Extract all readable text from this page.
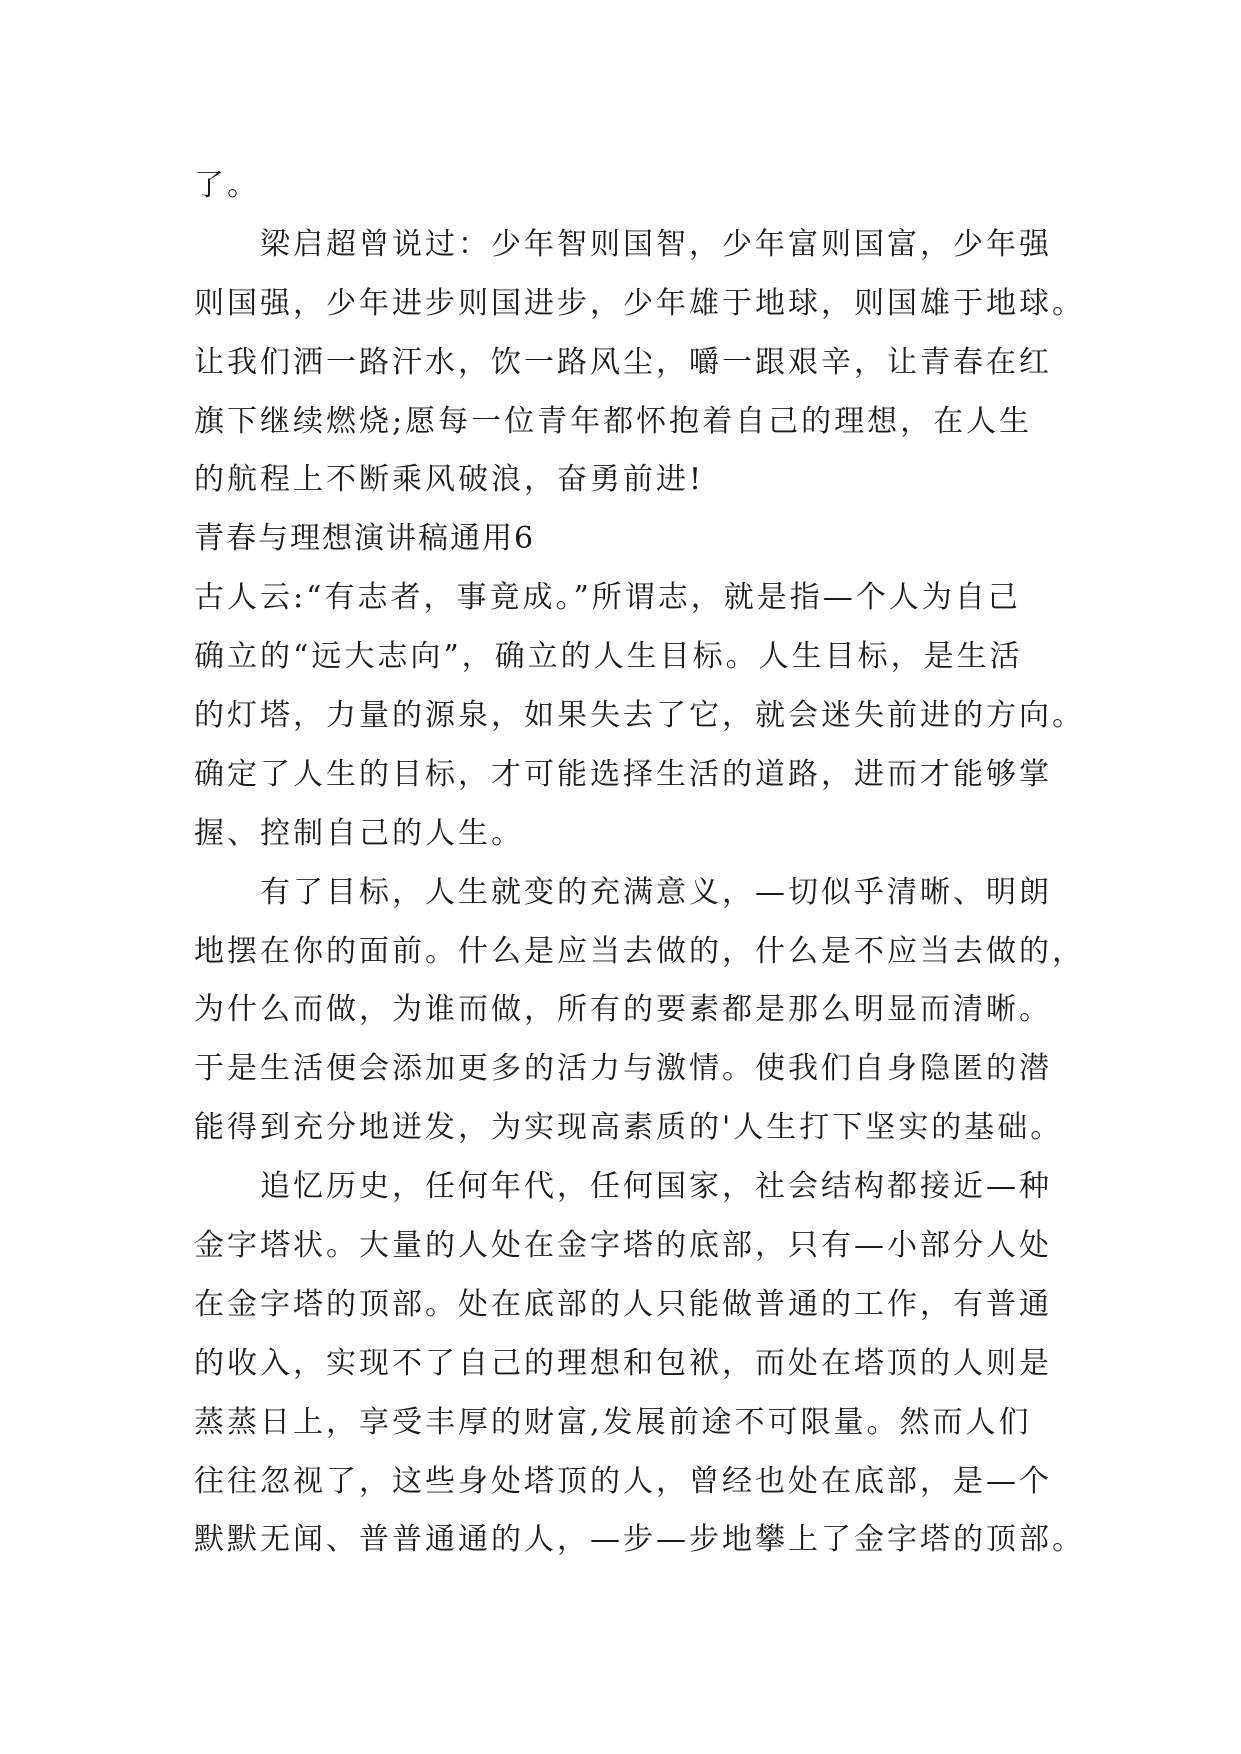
了。
梁启超曾说过：少年智则国智，少年富则国富，少年强
则国强，少年进步则国进步，少年雄于地球，则国雄于地球。
让我们洒一路汗水，饮一路风尘，嚼一跟艰辛，让青春在红
旗下继续燃烧;愿每一位青年都怀抱着自己的理想，在人生
的航程上不断乘风破浪，奋勇前进!
青春与理想演讲稿通用6
古人云:“有志者，事竟成。”所谓志，就是指—个人为自己
确立的“远大志向”，确立的人生目标。人生目标，是生活
的灯塔，力量的源泉，如果失去了它，就会迷失前进的方向。
确定了人生的目标，才可能选择生活的道路，进而才能够掌
握、控制自己的人生。
有了目标，人生就变的充满意义，—切似乎清晰、明朗
地摆在你的面前。什么是应当去做的，什么是不应当去做的，
为什么而做，为谁而做，所有的要素都是那么明显而清晰。
于是生活便会添加更多的活力与激情。使我们自身隐匿的潜
能得到充分地迸发，为实现高素质的'人生打下坚实的基础。
追忆历史，任何年代，任何国家，社会结构都接近—种
金字塔状。大量的人处在金字塔的底部，只有—小部分人处
在金字塔的顶部。处在底部的人只能做普通的工作，有普通
的收入，实现不了自己的理想和包袱，而处在塔顶的人则是
蒸蒸日上，享受丰厚的财富,发展前途不可限量。然而人们
往往忽视了，这些身处塔顶的人，曾经也处在底部，是—个
默默无闻、普普通通的人，—步—步地攀上了金字塔的顶部。
